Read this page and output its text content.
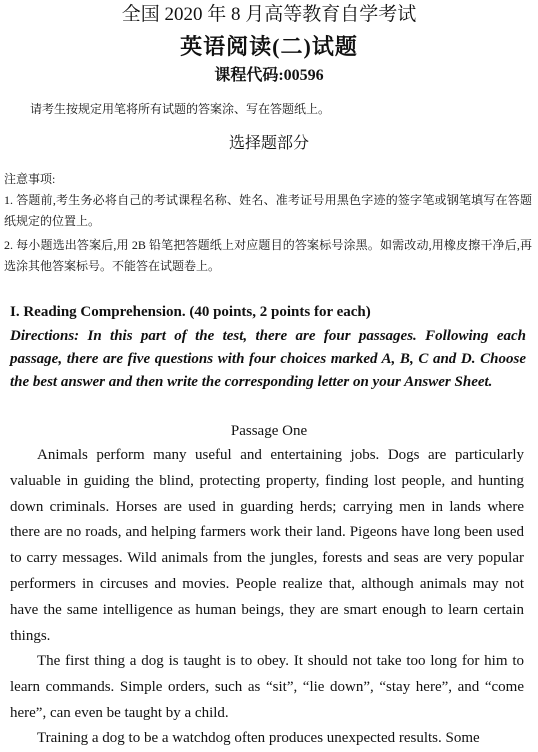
全国 2020 年 8 月高等教育自学考试
英语阅读(二)试题
课程代码:00596
请考生按规定用笔将所有试题的答案涂、写在答题纸上。
选择题部分
注意事项:
1. 答题前,考生务必将自己的考试课程名称、姓名、准考证号用黑色字迹的签字笔或钢笔填写在答题纸规定的位置上。
2. 每小题选出答案后,用 2B 铅笔把答题纸上对应题目的答案标号涂黑。如需改动,用橡皮擦干净后,再选涂其他答案标号。不能答在试题卷上。
I. Reading Comprehension. (40 points, 2 points for each)
Directions: In this part of the test, there are four passages. Following each passage, there are five questions with four choices marked A, B, C and D. Choose the best answer and then write the corresponding letter on your Answer Sheet.
Passage One
Animals perform many useful and entertaining jobs. Dogs are particularly valuable in guiding the blind, protecting property, finding lost people, and hunting down criminals. Horses are used in guarding herds; carrying men in lands where there are no roads, and helping farmers work their land. Pigeons have long been used to carry messages. Wild animals from the jungles, forests and seas are very popular performers in circuses and movies. People realize that, although animals may not have the same intelligence as human beings, they are smart enough to learn certain things.
The first thing a dog is taught is to obey. It should not take too long for him to learn commands. Simple orders, such as “sit”, “lie down”, “stay here”, and “come here”, can even be taught by a child.
Training a dog to be a watchdog often produces unexpected results. Some
